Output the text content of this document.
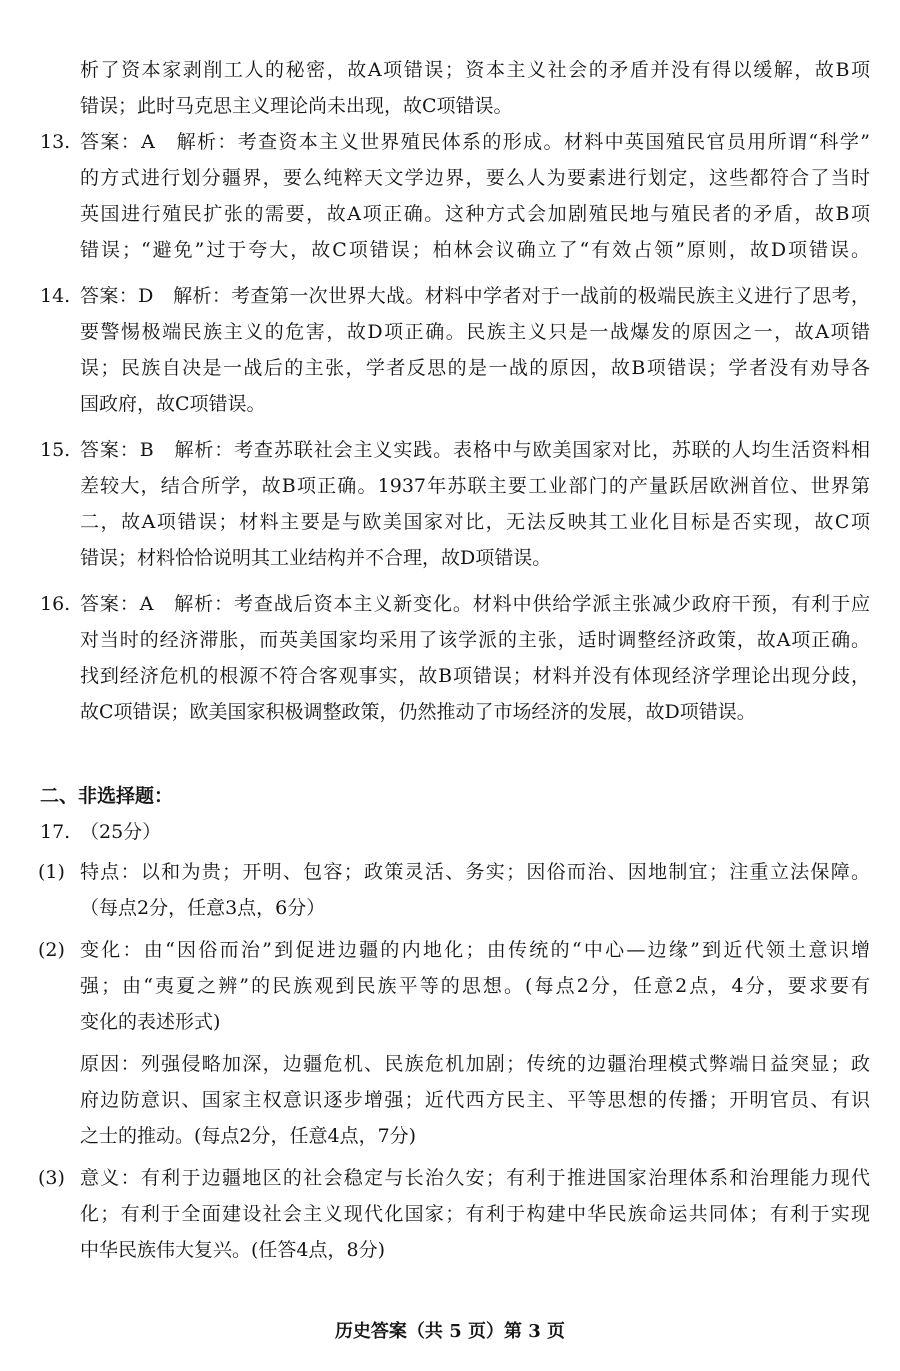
析了资本家剥削工人的秘密，故A项错误；资本主义社会的矛盾并没有得以缓解，故B项
错误；此时马克思主义理论尚未出现，故C项错误。
13. 答案：A　解析：考查资本主义世界殖民体系的形成。材料中英国殖民官员用所谓“科学”
的方式进行划分疆界，要么纯粹天文学边界，要么人为要素进行划定，这些都符合了当时
英国进行殖民扩张的需要，故A项正确。这种方式会加剧殖民地与殖民者的矛盾，故B项
错误；“避免”过于夸大，故C项错误；柏林会议确立了“有效占领”原则，故D项错误。
14. 答案：D　解析：考查第一次世界大战。材料中学者对于一战前的极端民族主义进行了思考，
要警惕极端民族主义的危害，故D项正确。民族主义只是一战爆发的原因之一，故A项错
误；民族自决是一战后的主张，学者反思的是一战的原因，故B项错误；学者没有劝导各
国政府，故C项错误。
15. 答案：B　解析：考查苏联社会主义实践。表格中与欧美国家对比，苏联的人均生活资料相
差较大，结合所学，故B项正确。1937年苏联主要工业部门的产量跃居欧洲首位、世界第
二，故A项错误；材料主要是与欧美国家对比，无法反映其工业化目标是否实现，故C项
错误；材料恰恰说明其工业结构并不合理，故D项错误。
16. 答案：A　解析：考查战后资本主义新变化。材料中供给学派主张减少政府干预，有利于应
对当时的经济滞胀，而英美国家均采用了该学派的主张，适时调整经济政策，故A项正确。
找到经济危机的根源不符合客观事实，故B项错误；材料并没有体现经济学理论出现分歧，
故C项错误；欧美国家积极调整政策，仍然推动了市场经济的发展，故D项错误。
二、非选择题：
17. （25分）
(1) 特点：以和为贵；开明、包容；政策灵活、务实；因俗而治、因地制宜；注重立法保障。
（每点2分，任意3点，6分）
(2) 变化：由“因俗而治”到促进边疆的内地化；由传统的“中心—边缘”到近代领土意识增
强；由“夷夏之辨”的民族观到民族平等的思想。(每点2分，任意2点，4分，要求要有
变化的表述形式)
原因：列强侵略加深，边疆危机、民族危机加剧；传统的边疆治理模式弊端日益突显；政
府边防意识、国家主权意识逐步增强；近代西方民主、平等思想的传播；开明官员、有识
之士的推动。(每点2分，任意4点，7分)
(3) 意义：有利于边疆地区的社会稳定与长治久安；有利于推进国家治理体系和治理能力现代
化；有利于全面建设社会主义现代化国家；有利于构建中华民族命运共同体；有利于实现
中华民族伟大复兴。(任答4点，8分)
历史答案（共 5 页）第 3 页
